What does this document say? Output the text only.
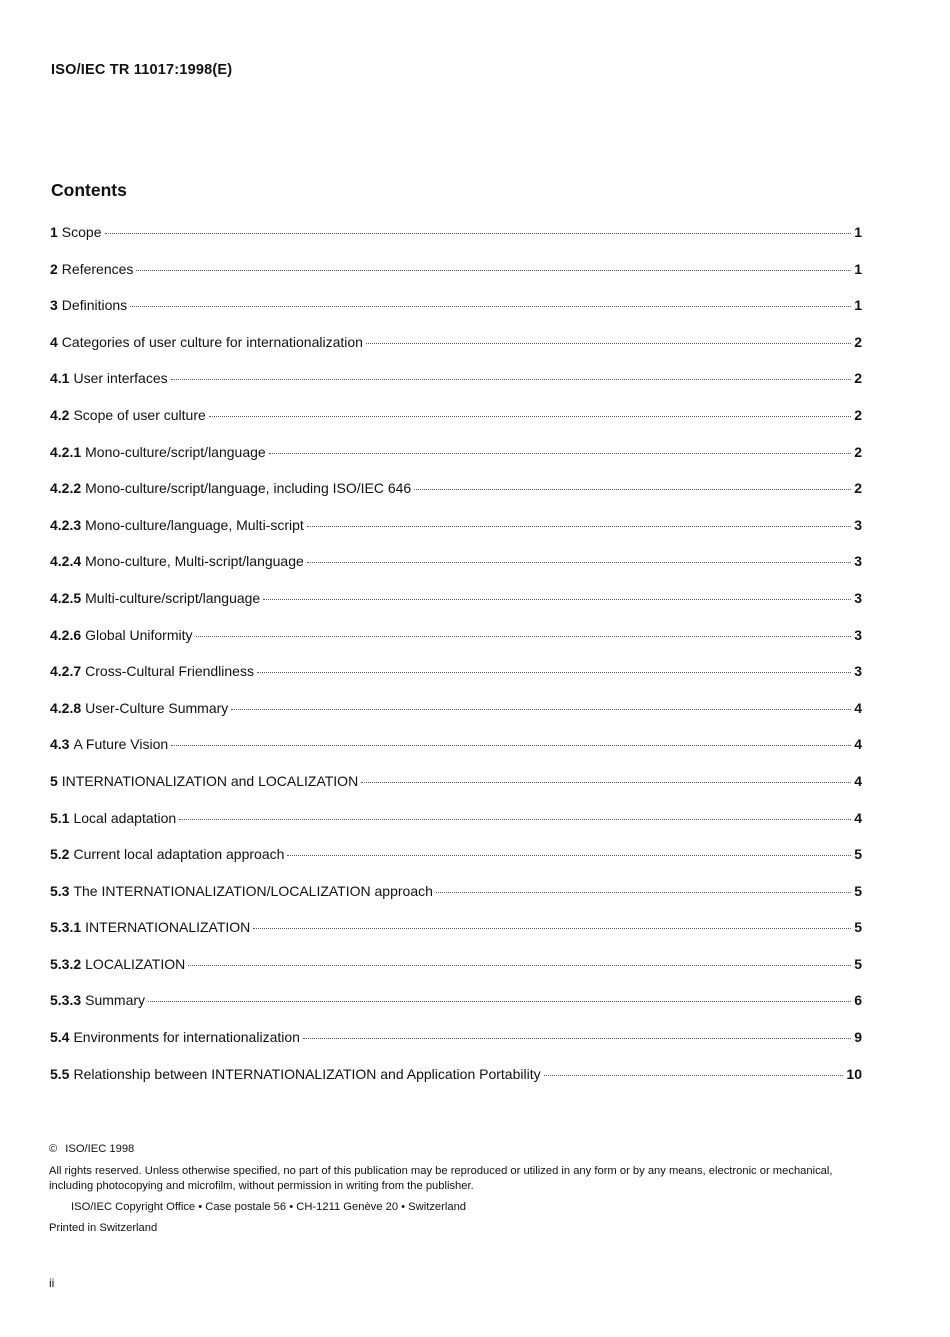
ISO/IEC TR 11017:1998(E)
Contents
1 Scope	1
2 References	1
3 Definitions	1
4 Categories of user culture for internationalization	2
4.1 User interfaces	2
4.2 Scope of user culture	2
4.2.1 Mono-culture/script/language	2
4.2.2 Mono-culture/script/language, including ISO/IEC 646	2
4.2.3 Mono-culture/language, Multi-script	3
4.2.4 Mono-culture, Multi-script/language	3
4.2.5 Multi-culture/script/language	3
4.2.6 Global Uniformity	3
4.2.7 Cross-Cultural Friendliness	3
4.2.8 User-Culture Summary	4
4.3 A Future Vision	4
5 INTERNATIONALIZATION and LOCALIZATION	4
5.1 Local adaptation	4
5.2 Current local adaptation approach	5
5.3 The INTERNATIONALIZATION/LOCALIZATION approach	5
5.3.1 INTERNATIONALIZATION	5
5.3.2 LOCALIZATION	5
5.3.3 Summary	6
5.4 Environments for internationalization	9
5.5 Relationship between INTERNATIONALIZATION and Application Portability	10

© ISO/IEC 1998

All rights reserved. Unless otherwise specified, no part of this publication may be reproduced or utilized in any form or by any means, electronic or mechanical, including photocopying and microfilm, without permission in writing from the publisher.

ISO/IEC Copyright Office • Case postale 56 • CH-1211 Genève 20 • Switzerland

Printed in Switzerland

ii
